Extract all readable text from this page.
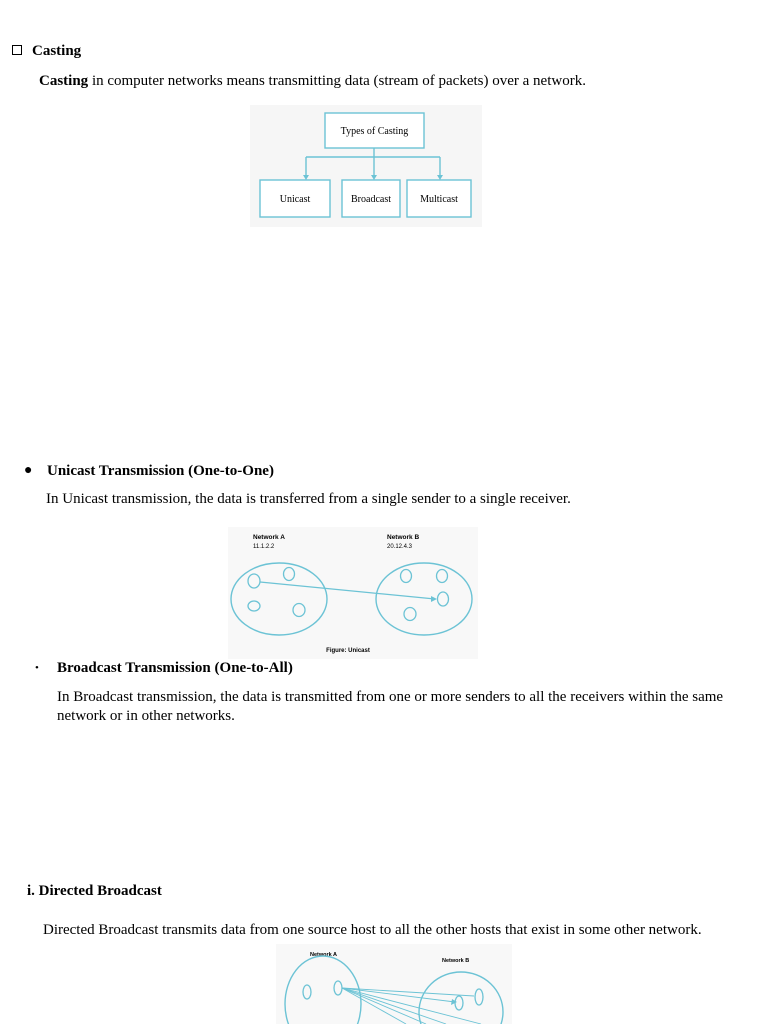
Casting
Casting in computer networks means transmitting data (stream of packets) over a network.
Types of Casting
Unicast	Broadcast	Multicast
● Unicast Transmission (One-to-One)
In Unicast transmission, the data is transferred from a single sender to a single receiver.
Network A
11.1.2.2
Network B
20.12.4.3
Figure: Unicast
• Broadcast Transmission (One-to-All)
In Broadcast transmission, the data is transmitted from one or more senders to all the receivers within the same network or in other networks.
i. Directed Broadcast
Directed Broadcast transmits data from one source host to all the other hosts that exist in some other network.
Network A
Network B
